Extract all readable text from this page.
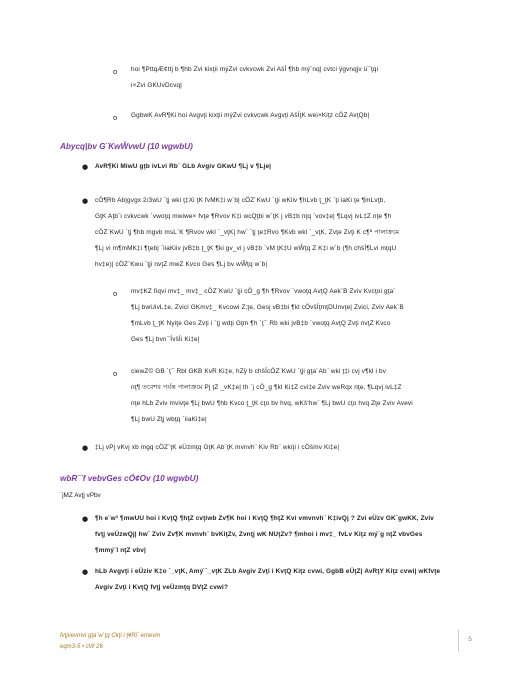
o hoi ¶PttqÆ¢ttj b ¶hb Zvi kixţii mýZvi cvkvcwk Zvi AšÍ ¶hb mý¨nq| cvtci ÿgvnqjv ü¯ţqi
i×Zvi GKUvDcvq|
o GgbwK AvR¶Ki hoi Avgvţi kixţii mýZvi cvkvcwk Avgvţi AšÍţK wei×Kiţz cÖZ AvţQb|
Abycq|bv G¨KwŴvwU (10 wgwbU)
● AvR¶Ki MíwU gţb ivLvi Rb¨ GLb Avgiv GKwU ¶Lj v ¶Lje|
● cÖ¶Rb Ab|gvgx 2/3wU `ţj wki ţ‡Xi ţK fvMK‡i w`b| cÖZ¨KwU `ţji wKiiv ¶hLvb ţ_ţK `ţi iaKi ţe ¶mLvţb,
GţK Aţb¨i cvkvcwk `vwoţq mwiwe× fvţe ¶Rvov K‡i wcQţbi w`ţK j vB‡b nţq `vov‡e| ¶Lqvj ivL‡Z nţe ¶h
cÖZ¨KwU `ţj ¶hb mgvb msL¨K ¶Rvov wkl `_vţK| hw` `ţj ţe‡Rvo ¶Kvb wkl `_vţK, Zvţe Zvţi K c¶ª পালাক্রমে
¶Lj vi m¶mMK‡i ¶ţeb| `iiaKiiv jvB‡b ţ_ţK ¶ki gv_vi j vB‡b `vM ţK‡U wŴţq Z K‡i w`b (¶h chšÍ¶Lvi mţqU
hv‡e)| cÖZ¨Kwu `ţji nvţZ mwZ Kvco Ges ¶Lj bv wŴţq w`b|
o mv‡KZ fiqvi mv‡_ mv‡_ cÖZ¨KwU `ţji cÖ_g ¶h ¶Rvov `vwoţq AvţQ Aek¨B Zviv Kvcţoi gţa¨
¶Lj bwUivL‡e, Zvici GKmv‡_ Kvcowi Z;ţe, Gesj vB‡bi ¶kl cÖvšÍţmţDUnvţe| Zvici, Zviv Aek¨B
¶mLvb ţ_ţK Nyiţe Ges Zvţi i `ţj wdţi Gţm ¶h `ţ¯ Rb wki jvB‡b `vwoţq AvţQ Zvţi nvţZ Kvco
Ges ¶Lj bvn¯ÍvšÍi Ki‡e|
o ciewZ© GB `ţ¯ Rbl GKB KvR Ki‡e, hZÿ b chšÍcÖZ¨KwU `ţji gţa¨Ab¨ wki ţ‡i cvj v¶kl i bv
nţ¶ তবেশব পর্যন্ত পালাক্রমে Pj ţZ _vK‡e| th `j cÖ_g ¶kl Ki‡Z cvi‡e Zviv weRqx nţe, ¶Lqvj ivL‡Z
nţe hLb Zviv mvivţe ¶Lj bwU ¶hb Kvco ţ_ţK cţo bv hvq, wKš‘hw` ¶Lj bwU cţo hvq Zţe Zviv Avevi
¶Lj bwU Zţj wbţq `iiaKi‡e|
● ‡Lj vPj vKvj xb mgq cÖZ¨ţK eÜzmţq GţK Ab¨ţK mvnvh¨ Kiv Rb¨ wkiţi i cÖšmv Ki‡e|
wbR¨`f vebvGes cÖ¢Ov (10 wgwbU)
`jMZ Avţj vPbv
● ¶h e¨w³ ¶mwUU hoi i KvţQ ¶hţZ cvţiwb Zv¶K hoi i KvţQ ¶hţZ Kvi vmvnvh¨ K‡ivQj ? Zvi eÜzv GK`gwKK, Zviv
fvţj veÜzwQj| hw` Zviv Zv¶K mvnvh¨ bvKiţZv, Zvnţj wK NUţZv? ¶mhoi i mv‡_ fvLv Kiţz mý¨g nţZ vbvGes
¶mmý¨l nţZ vbv|
● hLb Avgvţi i eÜziv K‡o `_vţK, Amý¨`_vţK ZLb Avgiv Zvţi i KvţQ Kiţz cvwi, GgbB eÜţZ| AvRţY Kiţz cvwi| wKfvţe
Avgiv Zvţi i KvţQ fvţj veÜzmţq DVţZ cvwi?
fvţjvevmvi gţa¨w`ţq Ckţi i ţ¥Ri¨ emevm
eqm3-5 • cW 26
5
